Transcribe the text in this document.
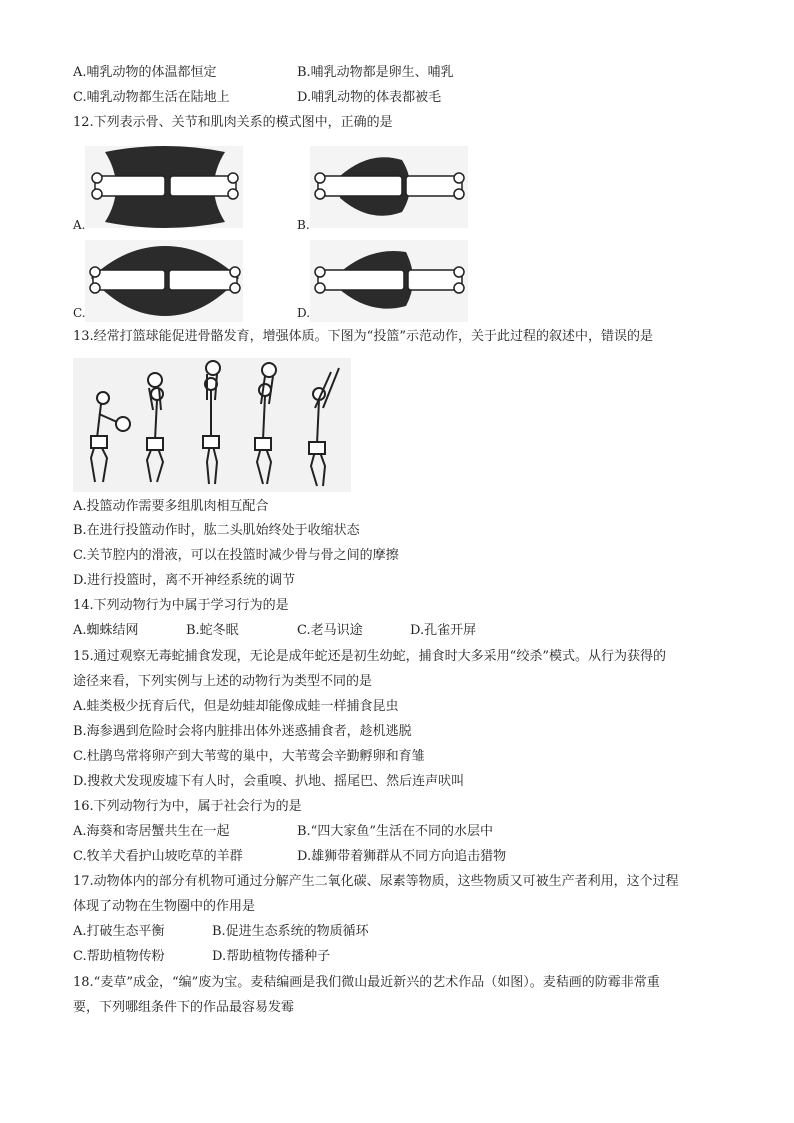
A.哺乳动物的体温都恒定	B.哺乳动物都是卵生、哺乳
C.哺乳动物都生活在陆地上	D.哺乳动物的体表都被毛
12.下列表示骨、关节和肌肉关系的模式图中，正确的是
A.	B.
C.	D.
13.经常打篮球能促进骨骼发育，增强体质。下图为“投篮”示范动作，关于此过程的叙述中，错误的是
A.投篮动作需要多组肌肉相互配合
B.在进行投篮动作时，肱二头肌始终处于收缩状态
C.关节腔内的滑液，可以在投篮时减少骨与骨之间的摩擦
D.进行投篮时，离不开神经系统的调节
14.下列动物行为中属于学习行为的是
A.蜘蛛结网	B.蛇冬眠	C.老马识途	D.孔雀开屏
15.通过观察无毒蛇捕食发现，无论是成年蛇还是初生幼蛇，捕食时大多采用“绞杀”模式。从行为获得的
途径来看，下列实例与上述的动物行为类型不同的是
A.蛙类极少抚育后代，但是幼蛙却能像成蛙一样捕食昆虫
B.海参遇到危险时会将内脏排出体外迷惑捕食者，趁机逃脱
C.杜鹃鸟常将卵产到大苇莺的巢中，大苇莺会辛勤孵卵和育雏
D.搜救犬发现废墟下有人时，会重嗅、扒地、摇尾巴、然后连声吠叫
16.下列动物行为中，属于社会行为的是
A.海葵和寄居蟹共生在一起	B.“四大家鱼”生活在不同的水层中
C.牧羊犬看护山坡吃草的羊群	D.雄狮带着狮群从不同方向追击猎物
17.动物体内的部分有机物可通过分解产生二氧化碳、尿素等物质，这些物质又可被生产者利用，这个过程
体现了动物在生物圈中的作用是
A.打破生态平衡	B.促进生态系统的物质循环
C.帮助植物传粉	D.帮助植物传播种子
18.“麦草”成金，“编”废为宝。麦秸编画是我们微山最近新兴的艺术作品（如图）。麦秸画的防霉非常重
要，下列哪组条件下的作品最容易发霉
